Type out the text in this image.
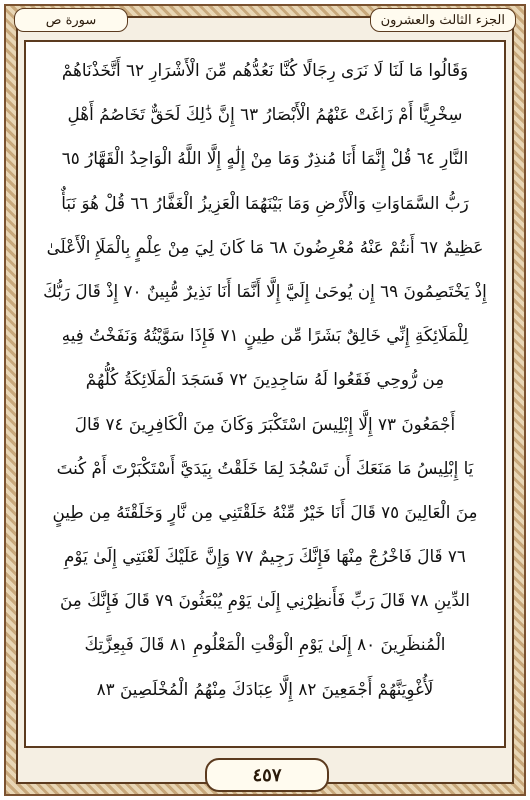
سورة ص	الجزء الثالث والعشرون
وَقَالُوا مَا لَنَا لَا نَرَى رِجَالًا كُنَّا نَعُدُّهُم مِّنَ الْأَشْرَارِ ٦٢ أَتَّخَذْنَاهُمْ
سِخْرِيًّا أَمْ زَاغَتْ عَنْهُمُ الْأَبْصَارُ ٦٣ إِنَّ ذَٰلِكَ لَحَقٌّ تَخَاصُمُ أَهْلِ
النَّارِ ٦٤ قُلْ إِنَّمَا أَنَا مُنذِرٌ وَمَا مِنْ إِلَٰهٍ إِلَّا اللَّهُ الْوَاحِدُ الْقَهَّارُ ٦٥
رَبُّ السَّمَاوَاتِ وَالْأَرْضِ وَمَا بَيْنَهُمَا الْعَزِيزُ الْغَفَّارُ ٦٦ قُلْ هُوَ نَبَأٌ
عَظِيمٌ ٦٧ أَنتُمْ عَنْهُ مُعْرِضُونَ ٦٨ مَا كَانَ لِيَ مِنْ عِلْمٍ بِالْمَلَإِ الْأَعْلَىٰ
إِذْ يَخْتَصِمُونَ ٦٩ إِن يُوحَىٰ إِلَيَّ إِلَّا أَنَّمَا أَنَا نَذِيرٌ مُّبِينٌ ٧٠ إِذْ قَالَ رَبُّكَ
لِلْمَلَائِكَةِ إِنِّي خَالِقٌ بَشَرًا مِّن طِينٍ ٧١ فَإِذَا سَوَّيْتُهُ وَنَفَخْتُ فِيهِ
مِن رُّوحِي فَقَعُوا لَهُ سَاجِدِينَ ٧٢ فَسَجَدَ الْمَلَائِكَةُ كُلُّهُمْ
أَجْمَعُونَ ٧٣ إِلَّا إِبْلِيسَ اسْتَكْبَرَ وَكَانَ مِنَ الْكَافِرِينَ ٧٤ قَالَ
يَا إِبْلِيسُ مَا مَنَعَكَ أَن تَسْجُدَ لِمَا خَلَقْتُ بِيَدَيَّ أَسْتَكْبَرْتَ أَمْ كُنتَ
مِنَ الْعَالِينَ ٧٥ قَالَ أَنَا خَيْرٌ مِّنْهُ خَلَقْتَنِي مِن نَّارٍ وَخَلَقْتَهُ مِن طِينٍ
٧٦ قَالَ فَاخْرُجْ مِنْهَا فَإِنَّكَ رَجِيمٌ ٧٧ وَإِنَّ عَلَيْكَ لَعْنَتِي إِلَىٰ يَوْمِ
الدِّينِ ٧٨ قَالَ رَبِّ فَأَنظِرْنِي إِلَىٰ يَوْمِ يُبْعَثُونَ ٧٩ قَالَ فَإِنَّكَ مِنَ
الْمُنظَرِينَ ٨٠ إِلَىٰ يَوْمِ الْوَقْتِ الْمَعْلُومِ ٨١ قَالَ فَبِعِزَّتِكَ
لَأُغْوِيَنَّهُمْ أَجْمَعِينَ ٨٢ إِلَّا عِبَادَكَ مِنْهُمُ الْمُخْلَصِينَ ٨٣
٤٥٧
